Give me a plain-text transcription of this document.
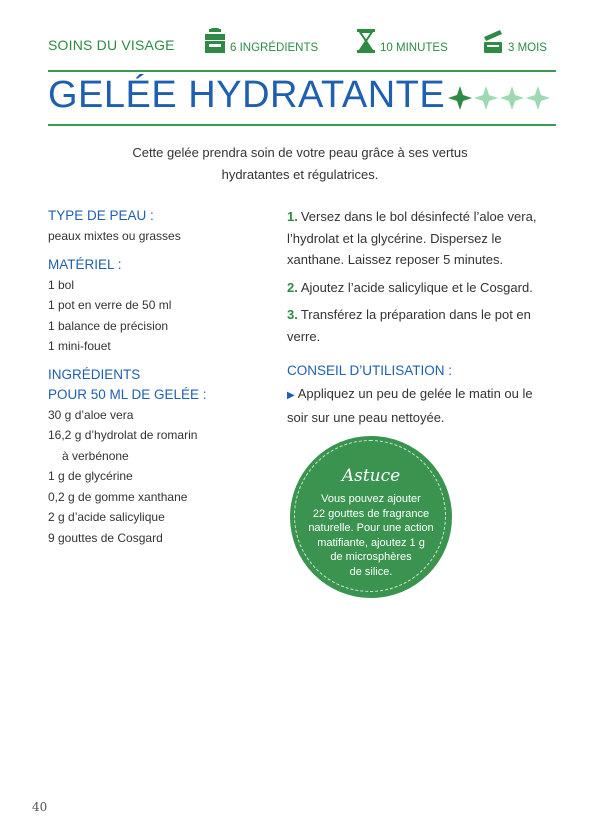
SOINS DU VISAGE	6 INGRÉDIENTS	10 MINUTES	3 MOIS
GELÉE HYDRATANTE
Cette gelée prendra soin de votre peau grâce à ses vertus
hydratantes et régulatrices.
TYPE DE PEAU :
peaux mixtes ou grasses
MATÉRIEL :
1 bol
1 pot en verre de 50 ml
1 balance de précision
1 mini-fouet
INGRÉDIENTS
POUR 50 ML DE GELÉE :
30 g d’aloe vera
16,2 g d’hydrolat de romarin
à verbénone
1 g de glycérine
0,2 g de gomme xanthane
2 g d’acide salicylique
9 gouttes de Cosgard
1. Versez dans le bol désinfecté l’aloe vera, l’hydrolat et la glycérine. Dispersez le xanthane. Laissez reposer 5 minutes.
2. Ajoutez l’acide salicylique et le Cosgard.
3. Transférez la préparation dans le pot en verre.
CONSEIL D’UTILISATION :
▶ Appliquez un peu de gelée le matin ou le soir sur une peau nettoyée.
Astuce
Vous pouvez ajouter
22 gouttes de fragrance
naturelle. Pour une action
matifiante, ajoutez 1 g
de microsphères
de silice.
40
